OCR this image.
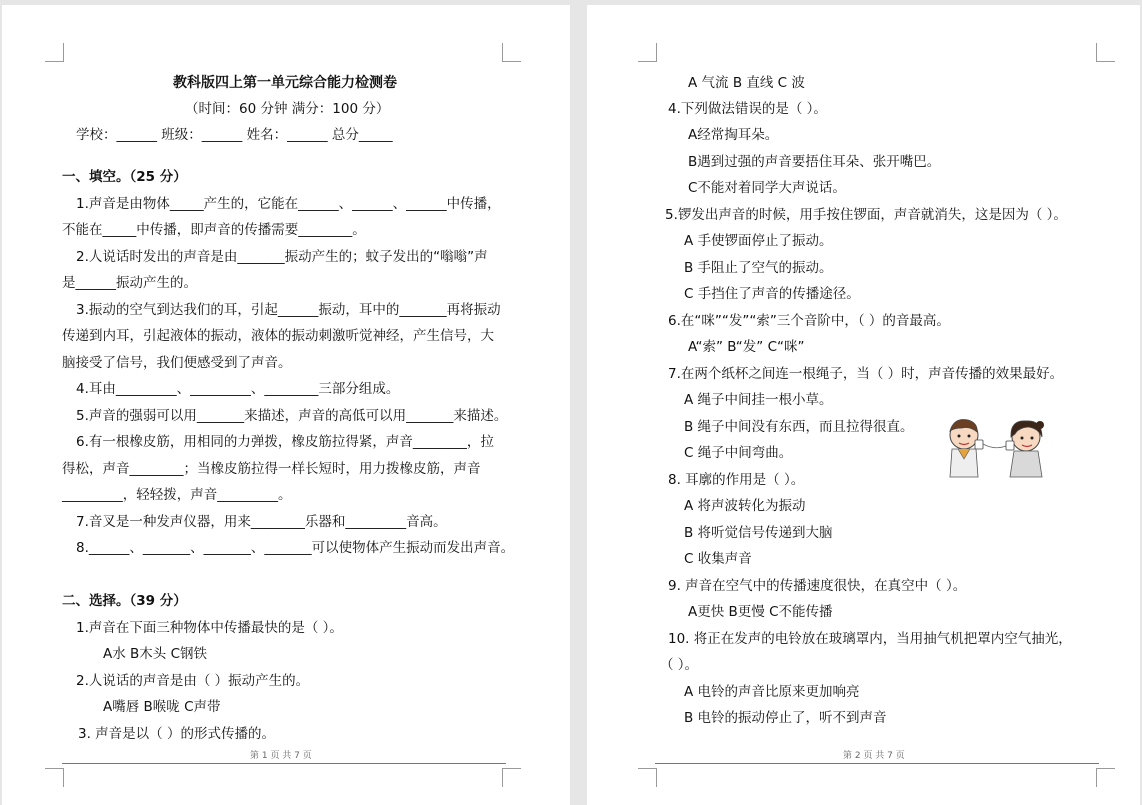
教科版四上第一单元综合能力检测卷
（时间：60 分钟 满分：100 分）
学校：______ 班级：______ 姓名：______ 总分_____
一、填空。（25 分）
1.声音是由物体_____产生的，它能在______、______、______中传播，
不能在_____中传播，即声音的传播需要________。
2.人说话时发出的声音是由_______振动产生的；蚊子发出的“嗡嗡”声
是______振动产生的。
3.振动的空气到达我们的耳，引起______振动，耳中的_______再将振动
传递到内耳，引起液体的振动，液体的振动刺激听觉神经，产生信号，大
脑接受了信号，我们便感受到了声音。
4.耳由_________、_________、________三部分组成。
5.声音的强弱可以用_______来描述，声音的高低可以用_______来描述。
6.有一根橡皮筋，用相同的力弹拨，橡皮筋拉得紧，声音________，拉
得松，声音________；当橡皮筋拉得一样长短时，用力拨橡皮筋，声音
_________，轻轻拨，声音_________。
7.音叉是一种发声仪器，用来________乐器和_________音高。
8.______、_______、_______、_______可以使物体产生振动而发出声音。
二、选择。（39 分）
1.声音在下面三种物体中传播最快的是（ ）。
A水 B木头 C钢铁
2.人说话的声音是由（ ）振动产生的。
A嘴唇 B喉咙 C声带
3. 声音是以（ ）的形式传播的。
第 1 页 共 7 页
A 气流 B 直线 C 波
4.下列做法错误的是（ ）。
A经常掏耳朵。
B遇到过强的声音要捂住耳朵、张开嘴巴。
C不能对着同学大声说话。
5.锣发出声音的时候，用手按住锣面，声音就消失，这是因为（ ）。
A 手使锣面停止了振动。
B 手阻止了空气的振动。
C 手挡住了声音的传播途径。
6.在“咪”“发”“索”三个音阶中，（ ）的音最高。
A“索” B“发” C“咪”
7.在两个纸杯之间连一根绳子，当（ ）时，声音传播的效果最好。
A 绳子中间挂一根小草。
B 绳子中间没有东西，而且拉得很直。
C 绳子中间弯曲。
8. 耳廓的作用是（ ）。
A 将声波转化为振动
B 将听觉信号传递到大脑
C 收集声音
9. 声音在空气中的传播速度很快，在真空中（ ）。
A更快 B更慢 C不能传播
10. 将正在发声的电铃放在玻璃罩内，当用抽气机把罩内空气抽光，
（ ）。
A 电铃的声音比原来更加响亮
B 电铃的振动停止了，听不到声音
第 2 页 共 7 页
